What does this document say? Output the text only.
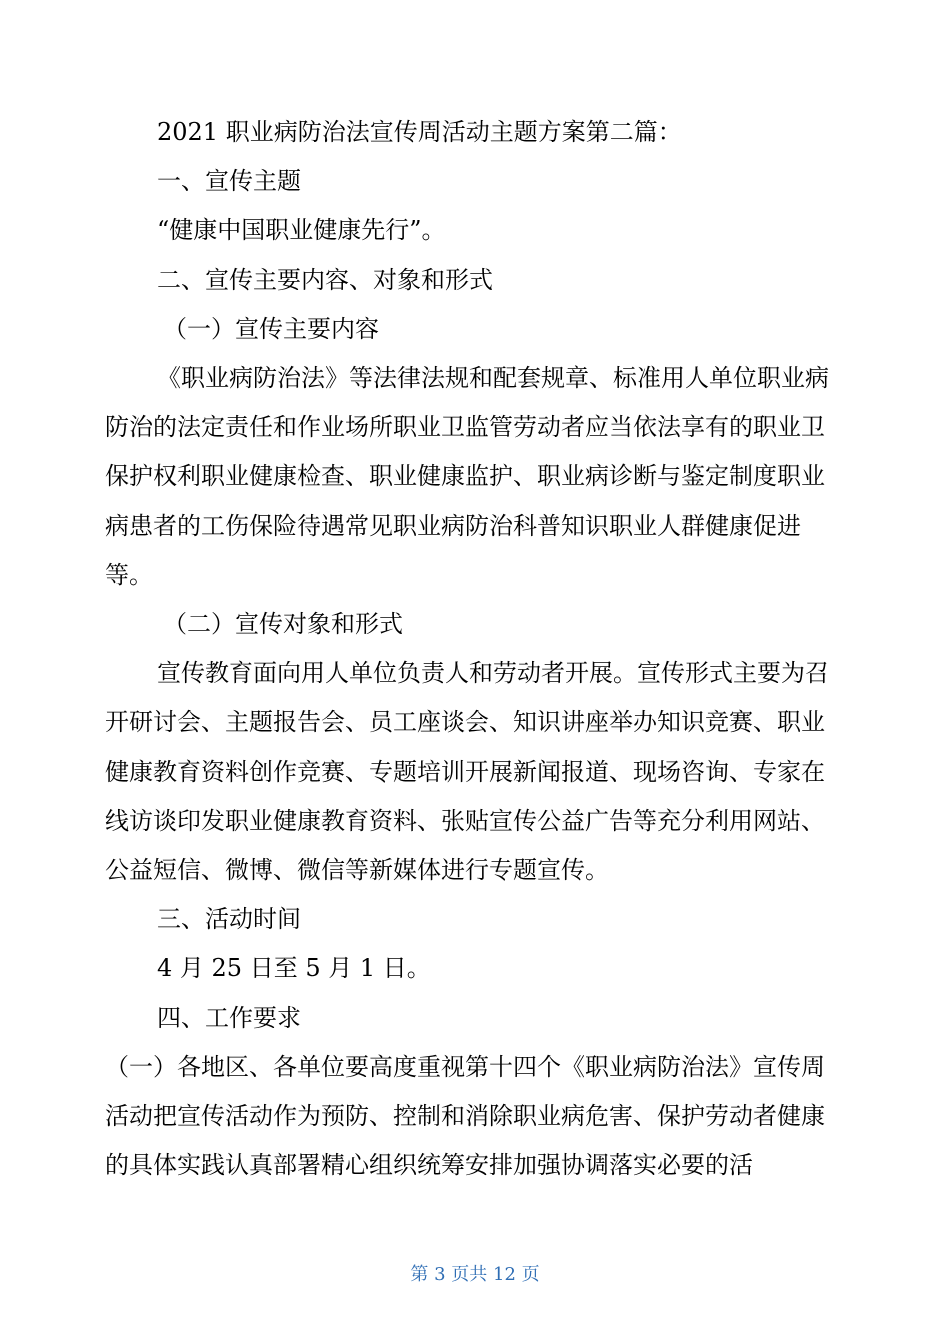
2021 职业病防治法宣传周活动主题方案第二篇：

一、宣传主题

“健康中国职业健康先行”。

二、宣传主要内容、对象和形式

（一）宣传主要内容

《职业病防治法》等法律法规和配套规章、标准用人单位职业病防治的法定责任和作业场所职业卫监管劳动者应当依法享有的职业卫保护权利职业健康检查、职业健康监护、职业病诊断与鉴定制度职业病患者的工伤保险待遇常见职业病防治科普知识职业人群健康促进等。

（二）宣传对象和形式

宣传教育面向用人单位负责人和劳动者开展。宣传形式主要为召开研讨会、主题报告会、员工座谈会、知识讲座举办知识竞赛、职业健康教育资料创作竞赛、专题培训开展新闻报道、现场咨询、专家在线访谈印发职业健康教育资料、张贴宣传公益广告等充分利用网站、公益短信、微博、微信等新媒体进行专题宣传。

三、活动时间

4 月 25 日至 5 月 1 日。

四、工作要求

（一）各地区、各单位要高度重视第十四个《职业病防治法》宣传周活动把宣传活动作为预防、控制和消除职业病危害、保护劳动者健康的具体实践认真部署精心组织统筹安排加强协调落实必要的活

第 3 页共 12 页
